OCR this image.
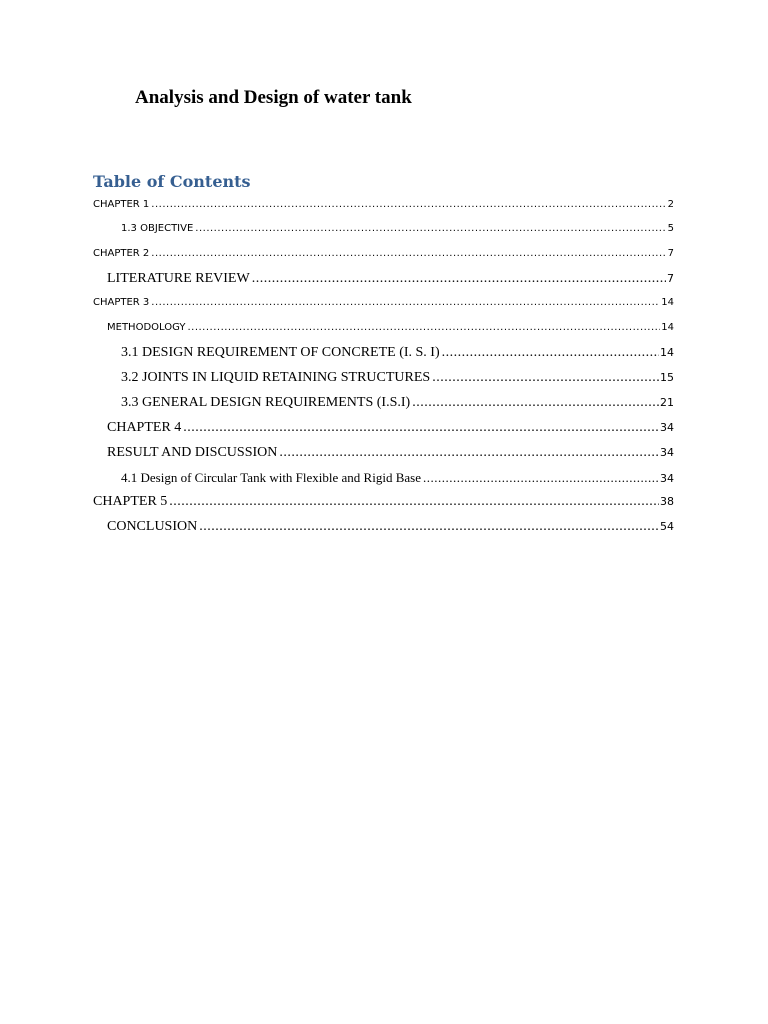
Analysis and Design of water tank
Table of Contents
CHAPTER 1 .....	2
1.3 OBJECTIVE .....	5
CHAPTER 2 .....	7
LITERATURE REVIEW .....	7
CHAPTER 3 .....	14
METHODOLOGY .....	14
3.1 DESIGN REQUIREMENT OF CONCRETE (I. S. I) .....	14
3.2 JOINTS IN LIQUID RETAINING STRUCTURES .....	15
3.3 GENERAL DESIGN REQUIREMENTS (I.S.I) .....	21
CHAPTER 4 .....	34
RESULT AND DISCUSSION .....	34
4.1 Design of Circular Tank with Flexible and Rigid Base .....	34
CHAPTER 5 .....	38
CONCLUSION .....	54
